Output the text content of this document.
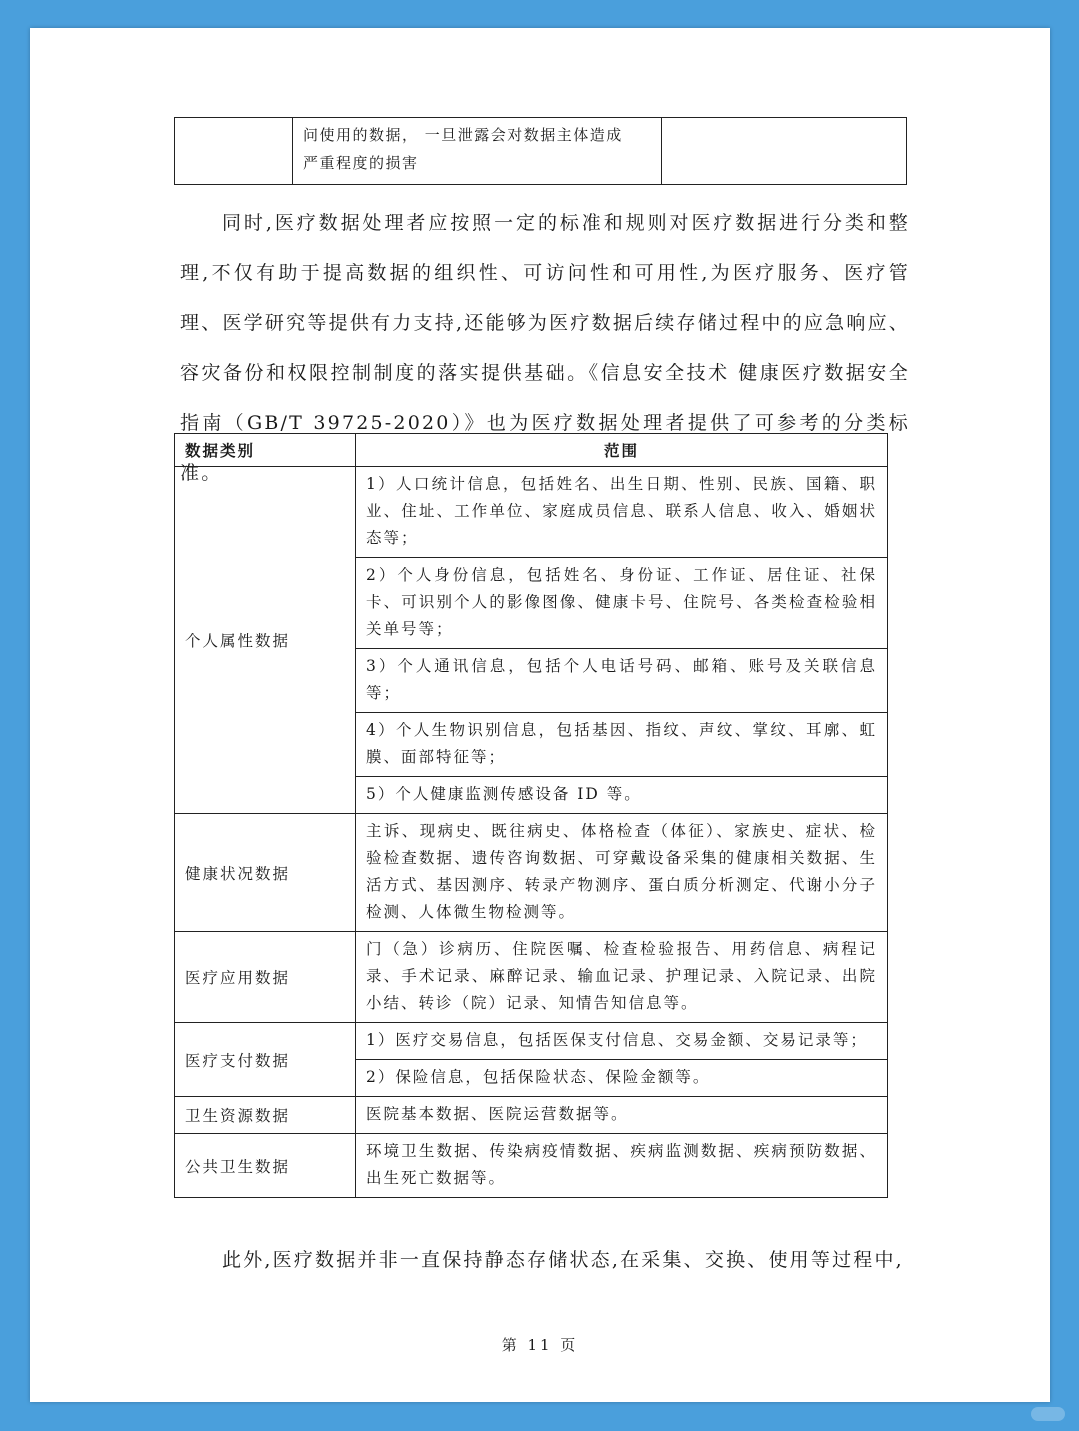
问使用的数据， 一旦泄露会对数据主体造成
严重程度的损害

同时,医疗数据处理者应按照一定的标准和规则对医疗数据进行分类和整理,不仅有助于提高数据的组织性、可访问性和可用性,为医疗服务、医疗管理、医学研究等提供有力支持,还能够为医疗数据后续存储过程中的应急响应、容灾备份和权限控制制度的落实提供基础。《信息安全技术 健康医疗数据安全指南（GB/T 39725-2020）》也为医疗数据处理者提供了可参考的分类标准。

数据类别	范围
个人属性数据	1）人口统计信息，包括姓名、出生日期、性别、民族、国籍、职业、住址、工作单位、家庭成员信息、联系人信息、收入、婚姻状态等；
	2）个人身份信息，包括姓名、身份证、工作证、居住证、社保卡、可识别个人的影像图像、健康卡号、住院号、各类检查检验相关单号等；
	3）个人通讯信息，包括个人电话号码、邮箱、账号及关联信息等；
	4）个人生物识别信息，包括基因、指纹、声纹、掌纹、耳廓、虹膜、面部特征等；
	5）个人健康监测传感设备 ID 等。
健康状况数据	主诉、现病史、既往病史、体格检查（体征）、家族史、症状、检验检查数据、遗传咨询数据、可穿戴设备采集的健康相关数据、生活方式、基因测序、转录产物测序、蛋白质分析测定、代谢小分子检测、人体微生物检测等。
医疗应用数据	门（急）诊病历、住院医嘱、检查检验报告、用药信息、病程记录、手术记录、麻醉记录、输血记录、护理记录、入院记录、出院小结、转诊（院）记录、知情告知信息等。
医疗支付数据	1）医疗交易信息，包括医保支付信息、交易金额、交易记录等；
	2）保险信息，包括保险状态、保险金额等。
卫生资源数据	医院基本数据、医院运营数据等。
公共卫生数据	环境卫生数据、传染病疫情数据、疾病监测数据、疾病预防数据、出生死亡数据等。

此外,医疗数据并非一直保持静态存储状态,在采集、交换、使用等过程中,

第 11 页
